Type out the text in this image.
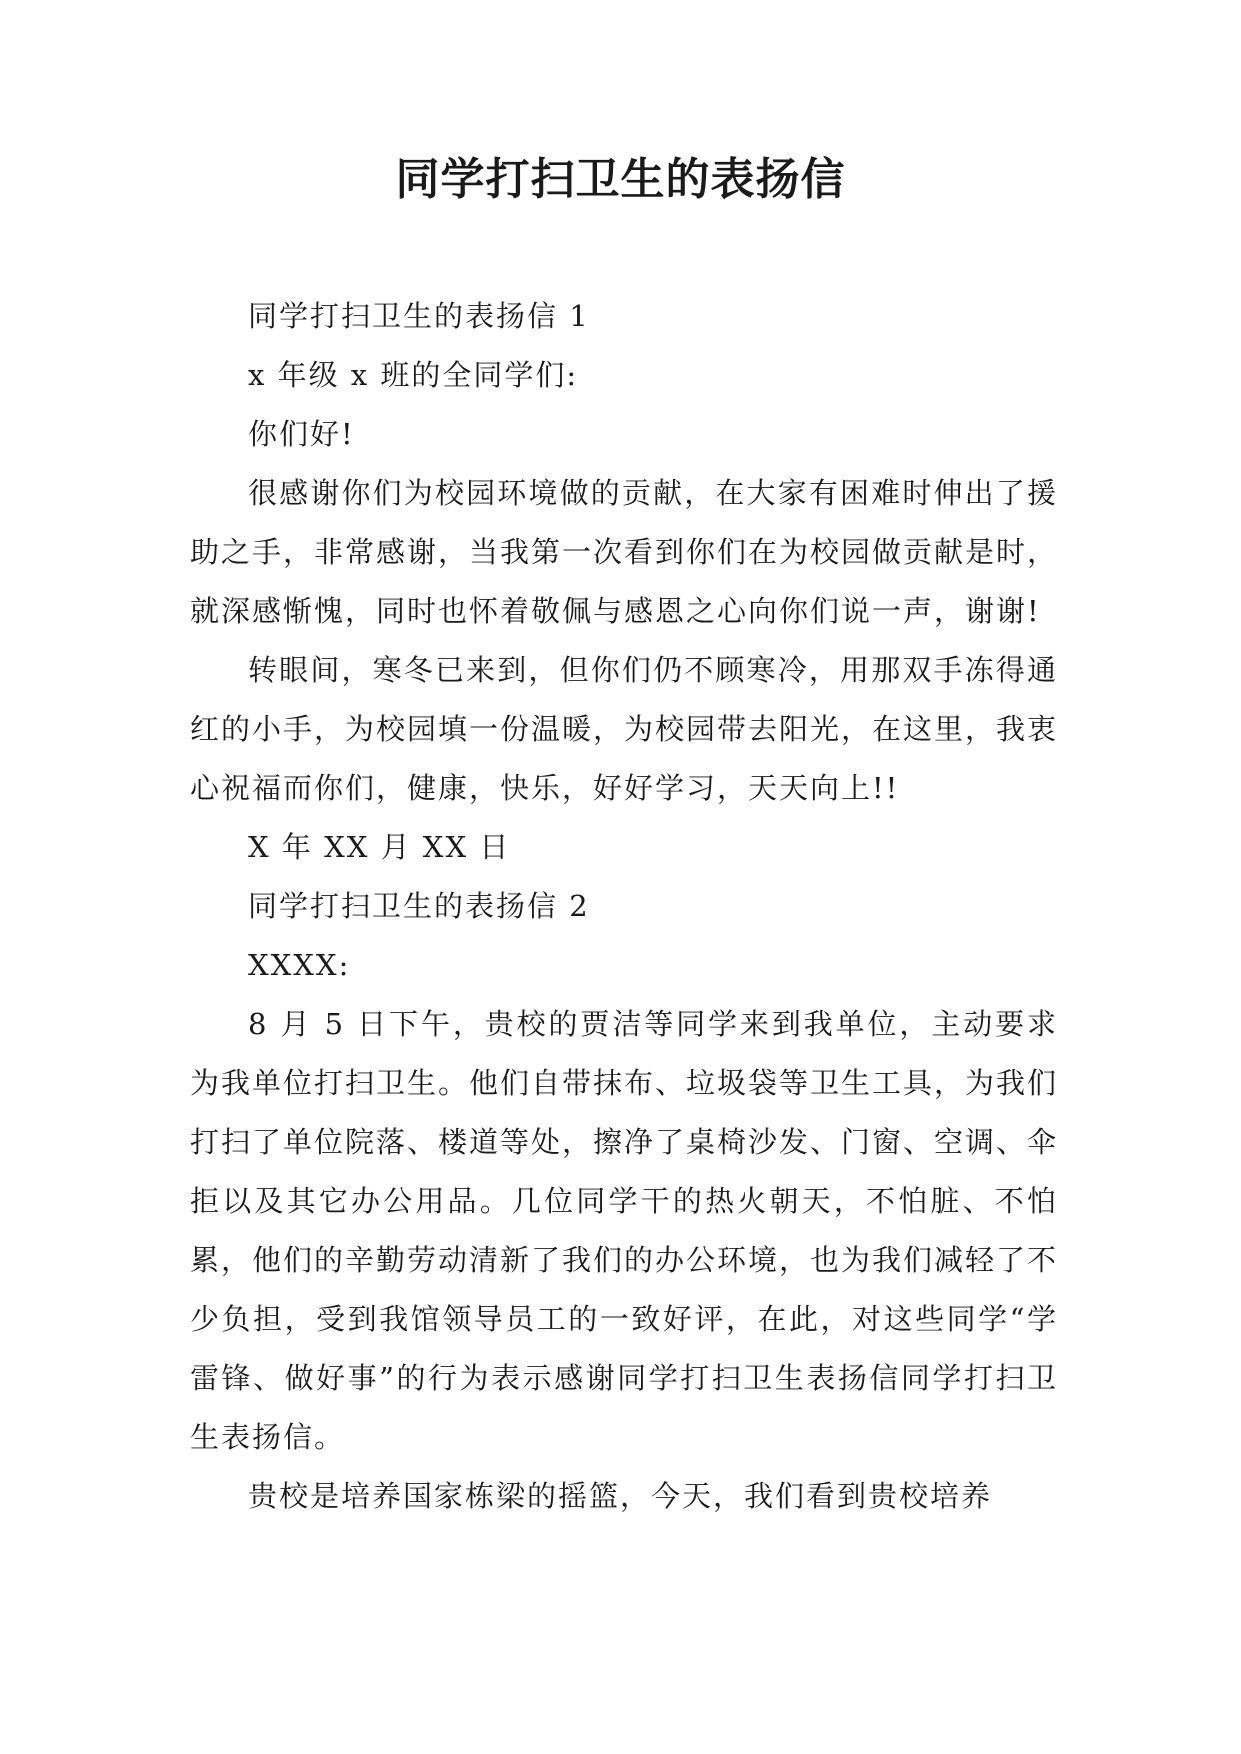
同学打扫卫生的表扬信

同学打扫卫生的表扬信 1

x 年级 x 班的全同学们:

你们好!

很感谢你们为校园环境做的贡献，在大家有困难时伸出了援助之手，非常感谢，当我第一次看到你们在为校园做贡献是时，就深感惭愧，同时也怀着敬佩与感恩之心向你们说一声，谢谢!

转眼间，寒冬已来到，但你们仍不顾寒冷，用那双手冻得通红的小手，为校园填一份温暖，为校园带去阳光，在这里，我衷心祝福而你们，健康，快乐，好好学习，天天向上!!

X 年 XX 月 XX 日

同学打扫卫生的表扬信 2

XXXX:

8 月 5 日下午，贵校的贾洁等同学来到我单位，主动要求为我单位打扫卫生。他们自带抹布、垃圾袋等卫生工具，为我们打扫了单位院落、楼道等处，擦净了桌椅沙发、门窗、空调、伞拒以及其它办公用品。几位同学干的热火朝天，不怕脏、不怕累，他们的辛勤劳动清新了我们的办公环境，也为我们减轻了不少负担，受到我馆领导员工的一致好评，在此，对这些同学“学雷锋、做好事”的行为表示感谢同学打扫卫生表扬信同学打扫卫生表扬信。

贵校是培养国家栋梁的摇篮，今天，我们看到贵校培养
